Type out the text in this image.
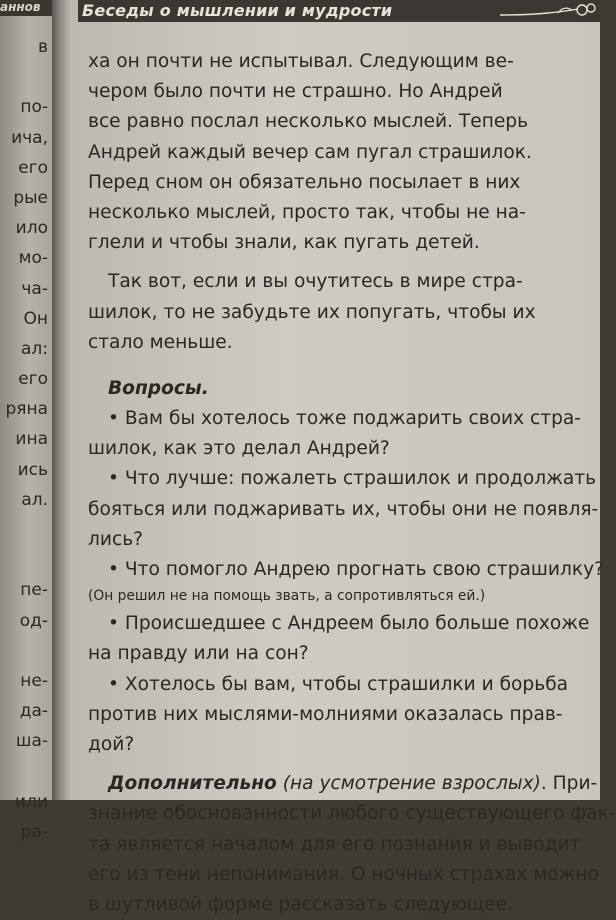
аннов
в
по-
ича,
его
рые
ило
мо-
ча-
Он
ал:
его
ряна
ина
ись
ал.
пе-
од-
не-
да-
ша-
или
ра-
Беседы о мышлении и мудрости
ха он почти не испытывал. Следующим ве-
чером было почти не страшно. Но Андрей
все равно послал несколько мыслей. Теперь
Андрей каждый вечер сам пугал страшилок.
Перед сном он обязательно посылает в них
несколько мыслей, просто так, чтобы не на-
глели и чтобы знали, как пугать детей.
Так вот, если и вы очутитесь в мире стра-
шилок, то не забудьте их попугать, чтобы их
стало меньше.
Вопросы.
• Вам бы хотелось тоже поджарить своих стра-
шилок, как это делал Андрей?
• Что лучше: пожалеть страшилок и продолжать
бояться или поджаривать их, чтобы они не появля-
лись?
• Что помогло Андрею прогнать свою страшилку?
(Он решил не на помощь звать, а сопротивляться ей.)
• Происшедшее с Андреем было больше похоже
на правду или на сон?
• Хотелось бы вам, чтобы страшилки и борьба
против них мыслями-молниями оказалась прав-
дой?
Дополнительно (на усмотрение взрослых). При-
знание обоснованности любого существующего фак-
та является началом для его познания и выводит
его из тени непонимания. О ночных страхах можно
в шутливой форме рассказать следующее.
